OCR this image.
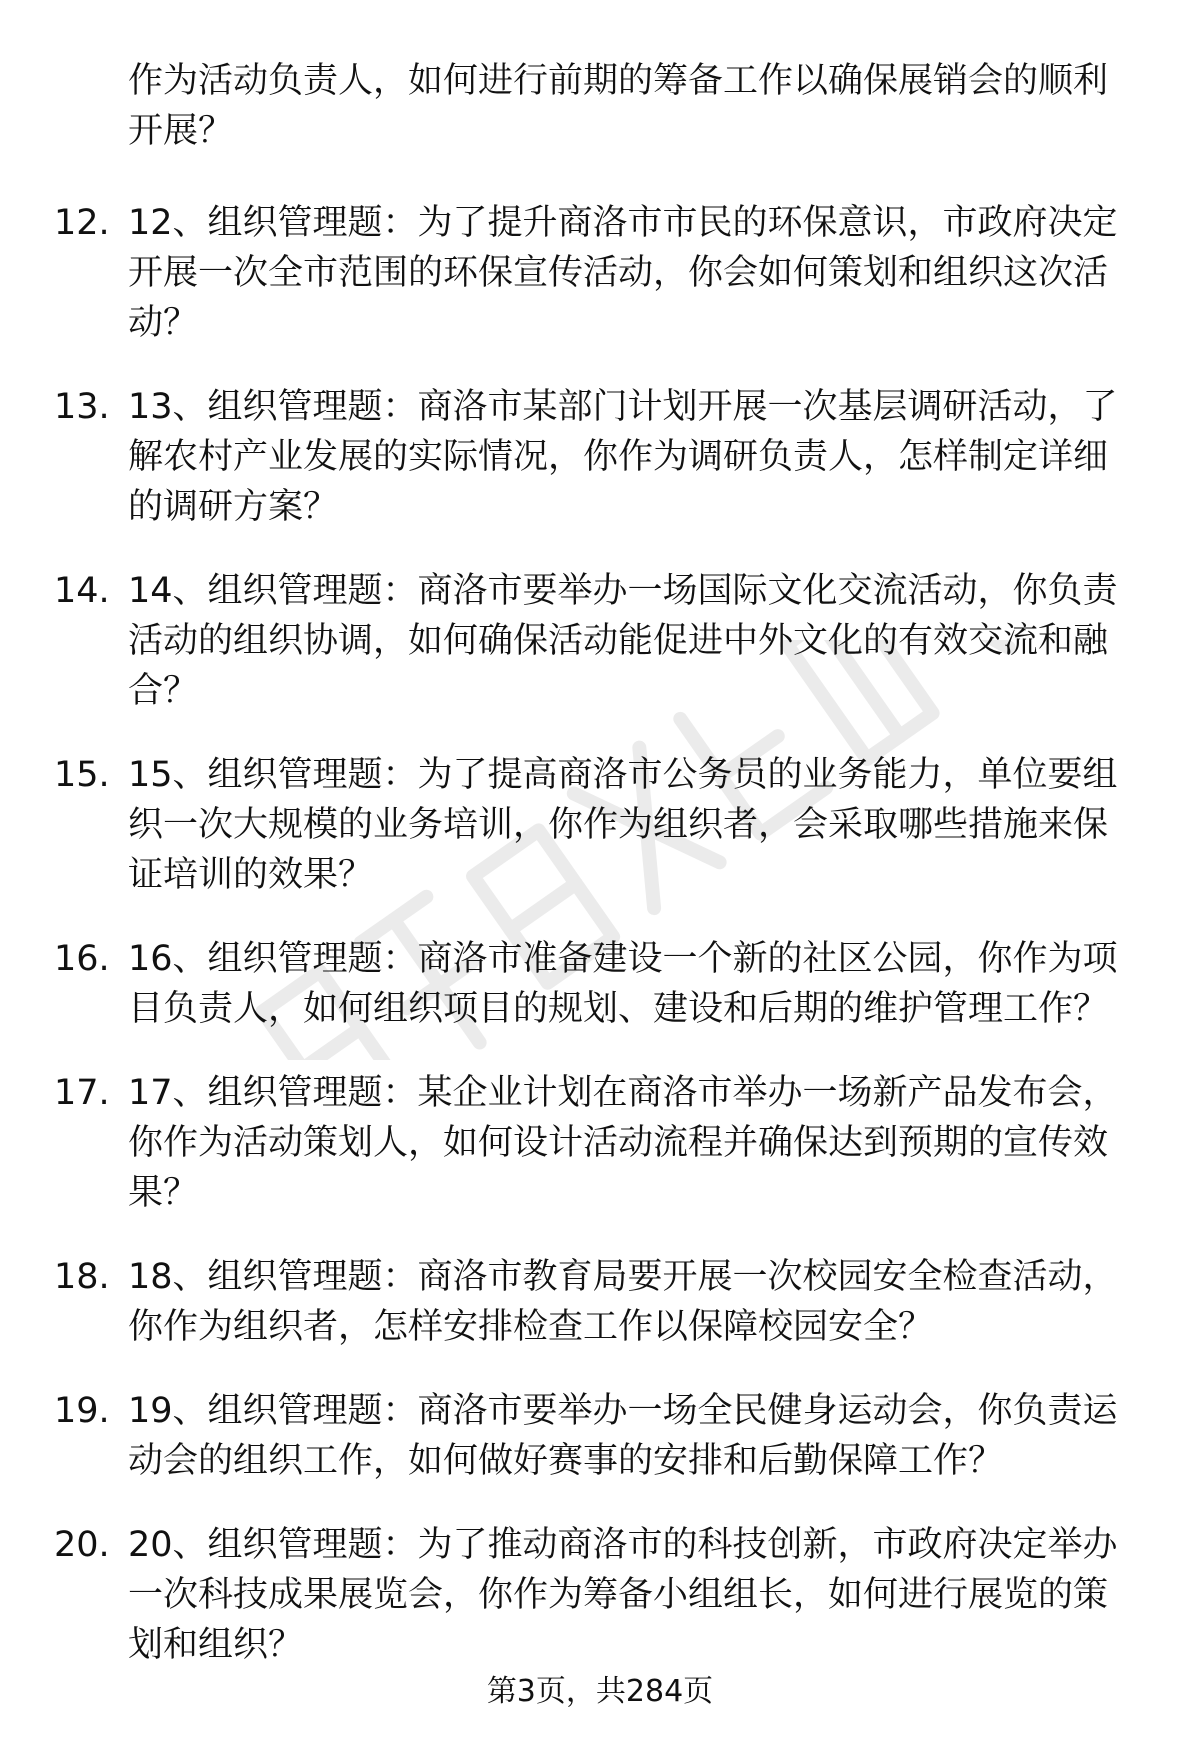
作为活动负责人，如何进行前期的筹备工作以确保展销会的顺利开展？
12. 12、组织管理题：为了提升商洛市市民的环保意识，市政府决定开展一次全市范围的环保宣传活动，你会如何策划和组织这次活动？
13. 13、组织管理题：商洛市某部门计划开展一次基层调研活动，了解农村产业发展的实际情况，你作为调研负责人，怎样制定详细的调研方案？
14. 14、组织管理题：商洛市要举办一场国际文化交流活动，你负责活动的组织协调，如何确保活动能促进中外文化的有效交流和融合？
15. 15、组织管理题：为了提高商洛市公务员的业务能力，单位要组织一次大规模的业务培训，你作为组织者，会采取哪些措施来保证培训的效果？
16. 16、组织管理题：商洛市准备建设一个新的社区公园，你作为项目负责人，如何组织项目的规划、建设和后期的维护管理工作？
17. 17、组织管理题：某企业计划在商洛市举办一场新产品发布会，你作为活动策划人，如何设计活动流程并确保达到预期的宣传效果？
18. 18、组织管理题：商洛市教育局要开展一次校园安全检查活动，你作为组织者，怎样安排检查工作以保障校园安全？
19. 19、组织管理题：商洛市要举办一场全民健身运动会，你负责运动会的组织工作，如何做好赛事的安排和后勤保障工作？
20. 20、组织管理题：为了推动商洛市的科技创新，市政府决定举办一次科技成果展览会，你作为筹备小组组长，如何进行展览的策划和组织？
第3页，共284页
